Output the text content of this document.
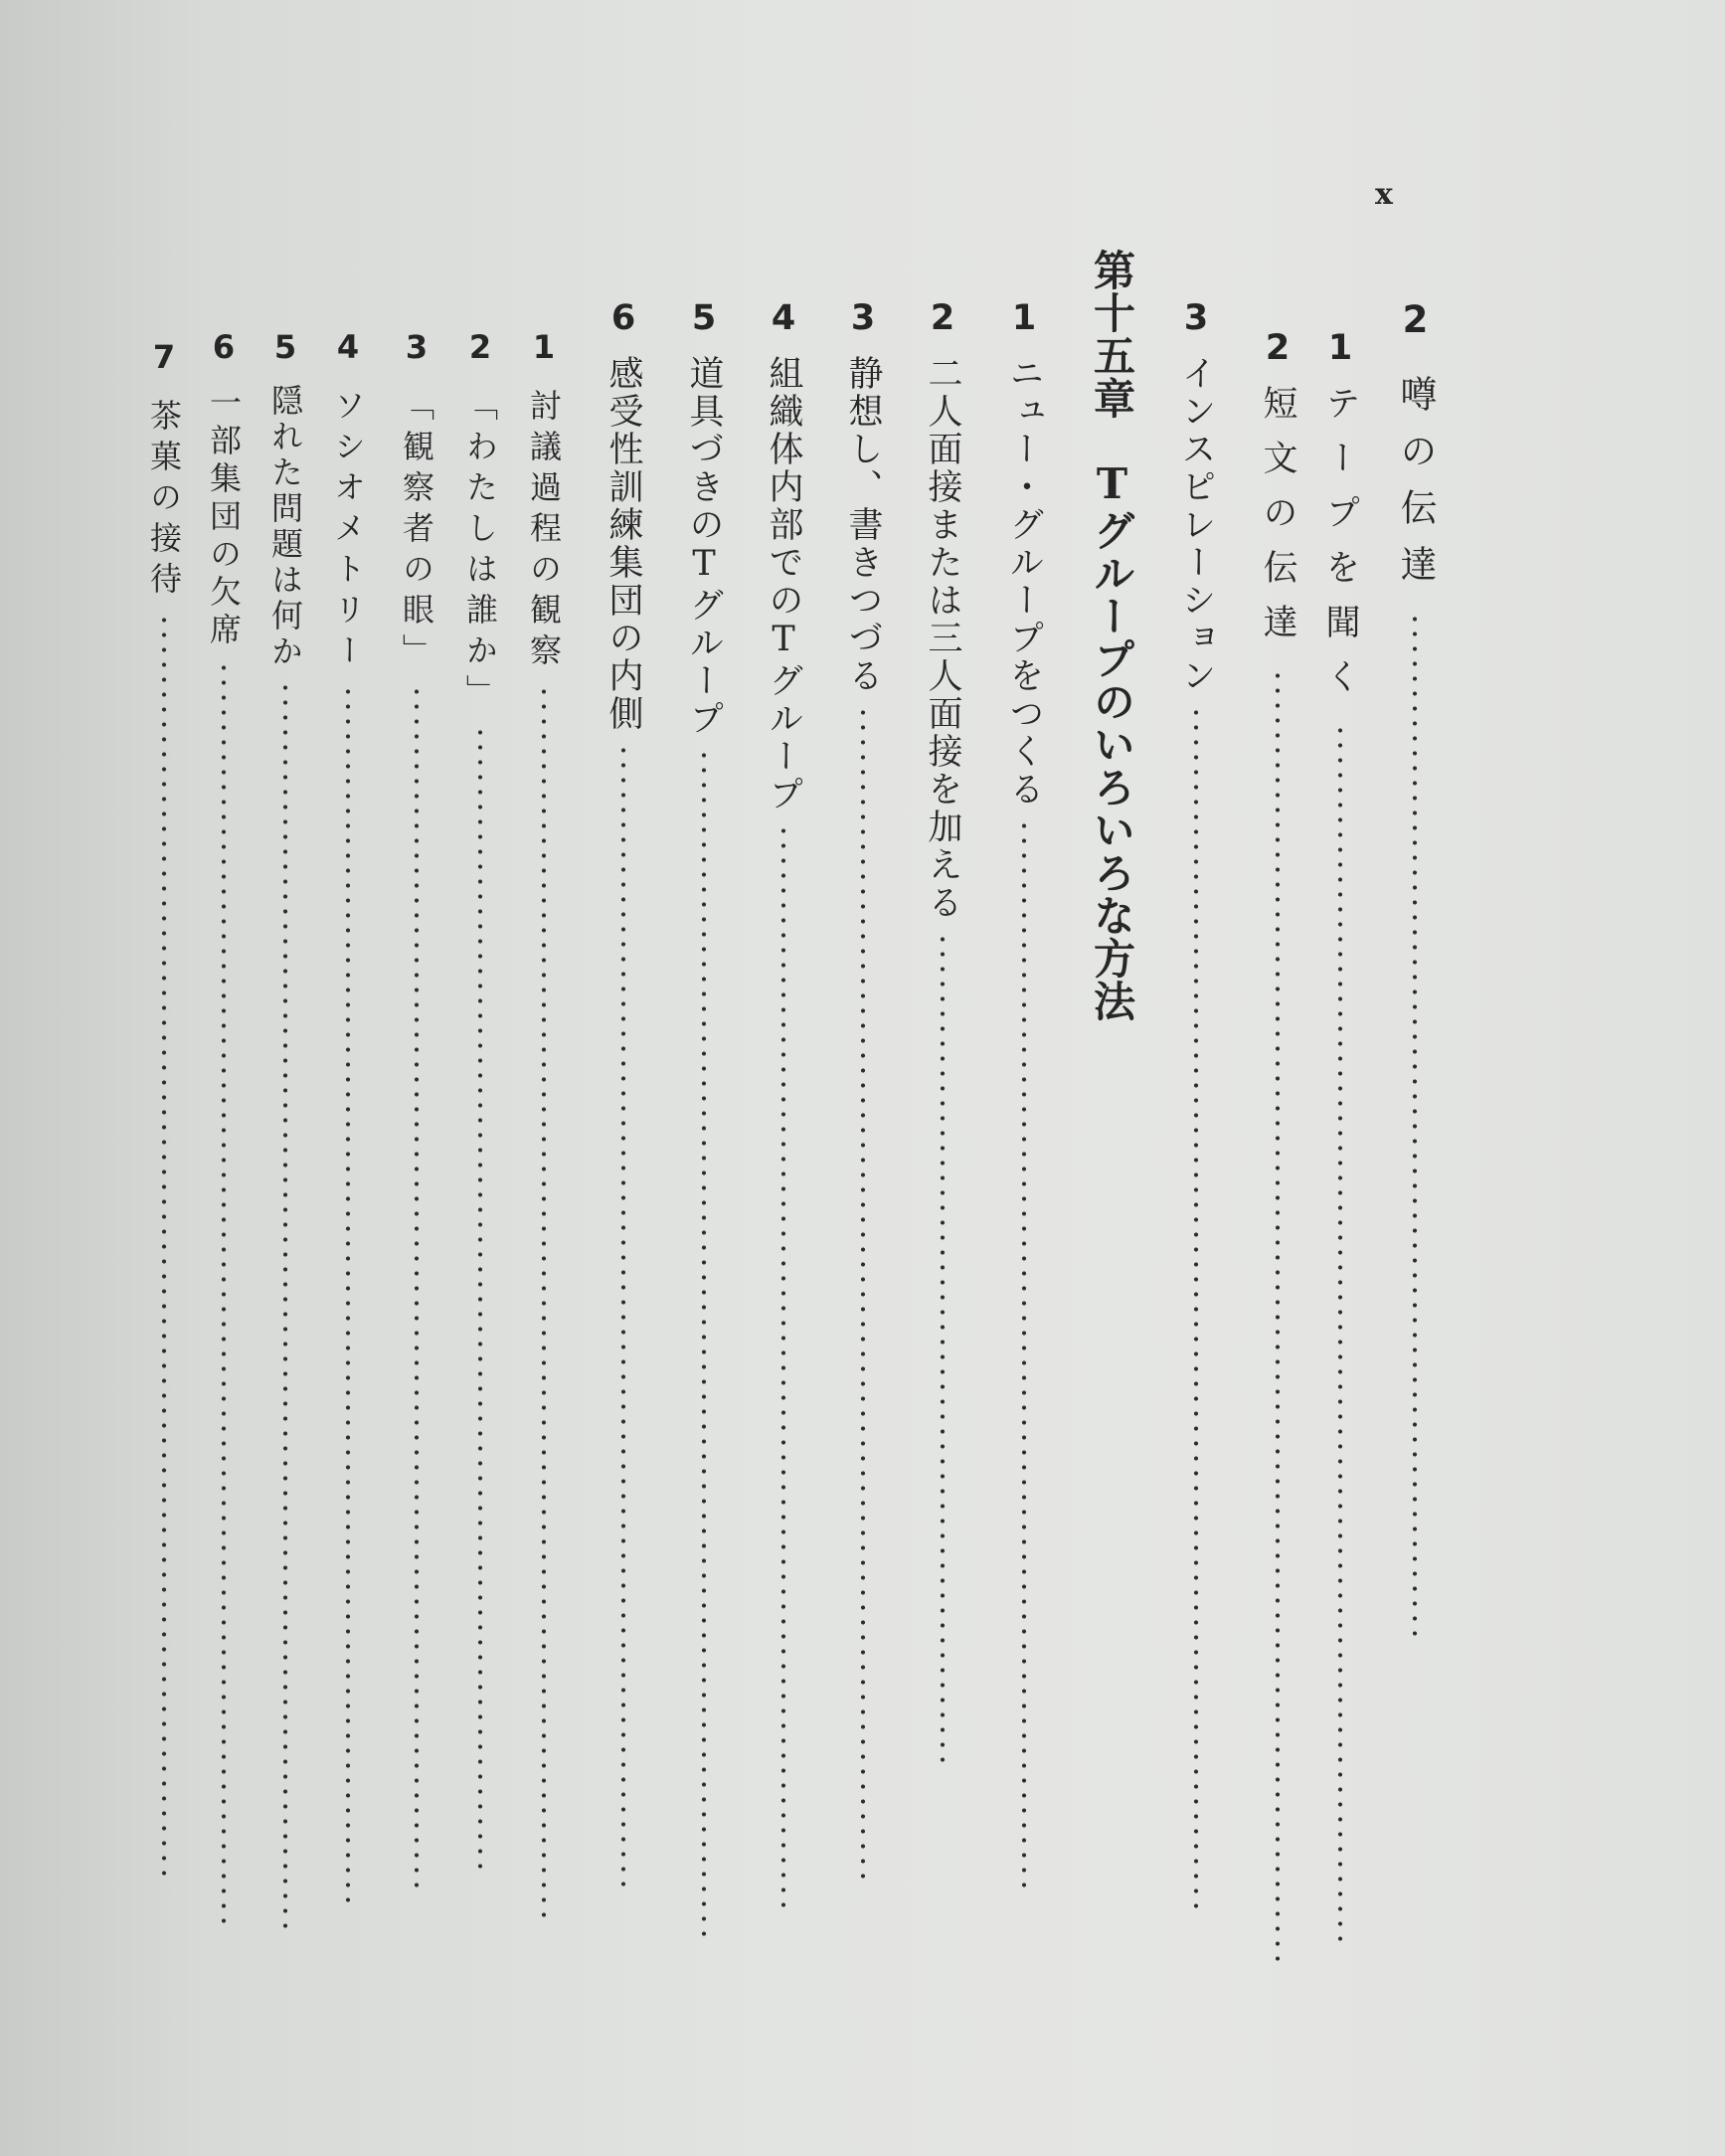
x
2噂の伝達
1テープを聞く
2短文の伝達
3インスピレーション
第十五章Tグループのいろいろな方法
1ニュー・グループをつくる
2二人面接または三人面接を加える
3静想し、書きつづる
4組織体内部でのTグループ
5道具づきのTグループ
6感受性訓練集団の内側
1討議過程の観察
2「わたしは誰か」
3「観察者の眼」
4ソシオメトリー
5隠れた問題は何か
6一部集団の欠席
7茶菓の接待
